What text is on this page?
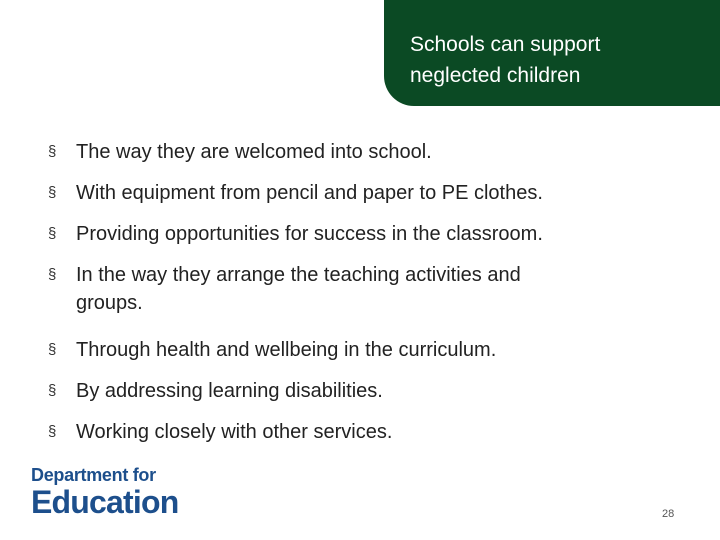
Schools can support
neglected children
§ The way they are welcomed into school.
§ With equipment from pencil and paper to PE clothes.
§ Providing opportunities for success in the classroom.
§ In the way they arrange the teaching activities and
groups.
§ Through health and wellbeing in the curriculum.
§ By addressing learning disabilities.
§ Working closely with other services.
Department for
Education	28
